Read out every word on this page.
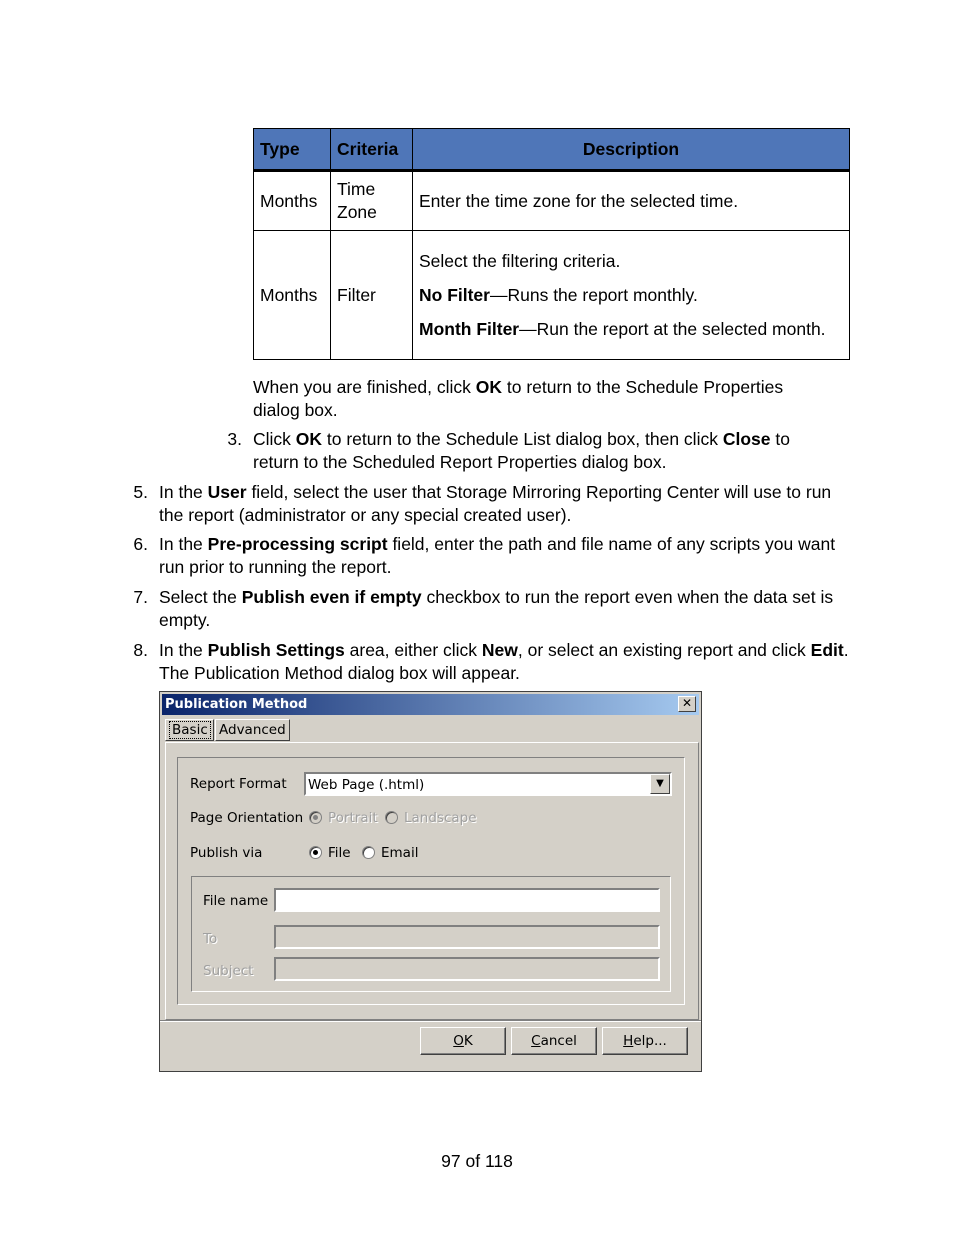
Type	Criteria	Description
Months	Time Zone	Enter the time zone for the selected time.
Months	Filter	Select the filtering criteria.

No Filter—Runs the report monthly.

Month Filter—Run the report at the selected month.

When you are finished, click OK to return to the Schedule Properties dialog box.

3. Click OK to return to the Schedule List dialog box, then click Close to return to the Scheduled Report Properties dialog box.
5. In the User field, select the user that Storage Mirroring Reporting Center will use to run the report (administrator or any special created user).
6. In the Pre-processing script field, enter the path and file name of any scripts you want run prior to running the report.
7. Select the Publish even if empty checkbox to run the report even when the data set is empty.
8. In the Publish Settings area, either click New, or select an existing report and click Edit. The Publication Method dialog box will appear.
Publication Method	✕
Basic Advanced
Report Format Web Page (.html)	▼
Page Orientation Portrait Landscape
Publish via	File Email
File name
To
Subject
OK	Cancel	Help...
97 of 118
